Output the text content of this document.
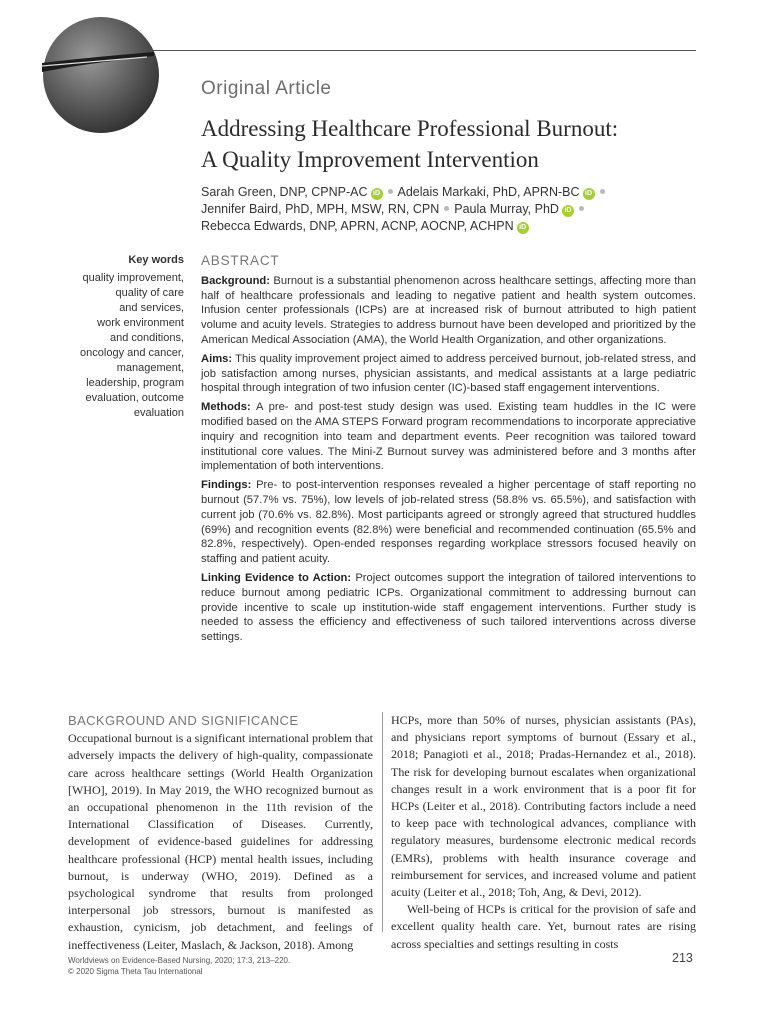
Original Article
Addressing Healthcare Professional Burnout:
A Quality Improvement Intervention
Sarah Green, DNP, CPNP-AC iD Adelais Markaki, PhD, APRN-BC iD
Jennifer Baird, PhD, MPH, MSW, RN, CPN Paula Murray, PhD iD
Rebecca Edwards, DNP, APRN, ACNP, AOCNP, ACHPN iD
Key words
quality improvement,
quality of care
and services,
work environment
and conditions,
oncology and cancer,
management,
leadership, program
evaluation, outcome
evaluation
ABSTRACT

Background: Burnout is a substantial phenomenon across healthcare settings, affecting more than half of healthcare professionals and leading to negative patient and health system outcomes. Infusion center professionals (ICPs) are at increased risk of burnout attributed to high patient volume and acuity levels. Strategies to address burnout have been developed and prioritized by the American Medical Association (AMA), the World Health Organization, and other organizations.

Aims: This quality improvement project aimed to address perceived burnout, job-related stress, and job satisfaction among nurses, physician assistants, and medical assistants at a large pediatric hospital through integration of two infusion center (IC)-based staff engagement interventions.

Methods: A pre- and post-test study design was used. Existing team huddles in the IC were modified based on the AMA STEPS Forward program recommendations to incorporate appreciative inquiry and recognition into team and department events. Peer recognition was tailored toward institutional core values. The Mini-Z Burnout survey was administered before and 3 months after implementation of both interventions.

Findings: Pre- to post-intervention responses revealed a higher percentage of staff reporting no burnout (57.7% vs. 75%), low levels of job-related stress (58.8% vs. 65.5%), and satisfaction with current job (70.6% vs. 82.8%). Most participants agreed or strongly agreed that structured huddles (69%) and recognition events (82.8%) were beneficial and recommended continuation (65.5% and 82.8%, respectively). Open-ended responses regarding workplace stressors focused heavily on staffing and patient acuity.

Linking Evidence to Action: Project outcomes support the integration of tailored interventions to reduce burnout among pediatric ICPs. Organizational commitment to addressing burnout can provide incentive to scale up institution-wide staff engagement interventions. Further study is needed to assess the efficiency and effectiveness of such tailored interventions across diverse settings.

BACKGROUND AND SIGNIFICANCE

Occupational burnout is a significant international problem that adversely impacts the delivery of high-quality, compassionate care across healthcare settings (World Health Organization [WHO], 2019). In May 2019, the WHO recognized burnout as an occupational phenomenon in the 11th revision of the International Classification of Diseases. Currently, development of evidence-based guidelines for addressing healthcare professional (HCP) mental health issues, including burnout, is underway (WHO, 2019). Defined as a psychological syndrome that results from prolonged interpersonal job stressors, burnout is manifested as exhaustion, cynicism, job detachment, and feelings of ineffectiveness (Leiter, Maslach, & Jackson, 2018). Among

HCPs, more than 50% of nurses, physician assistants (PAs), and physicians report symptoms of burnout (Essary et al., 2018; Panagioti et al., 2018; Pradas-Hernandez et al., 2018). The risk for developing burnout escalates when organizational changes result in a work environment that is a poor fit for HCPs (Leiter et al., 2018). Contributing factors include a need to keep pace with technological advances, compliance with regulatory measures, burdensome electronic medical records (EMRs), problems with health insurance coverage and reimbursement for services, and increased volume and patient acuity (Leiter et al., 2018; Toh, Ang, & Devi, 2012).

Well-being of HCPs is critical for the provision of safe and excellent quality health care. Yet, burnout rates are rising across specialties and settings resulting in costs

Worldviews on Evidence-Based Nursing, 2020; 17:3, 213–220.
© 2020 Sigma Theta Tau International
213
